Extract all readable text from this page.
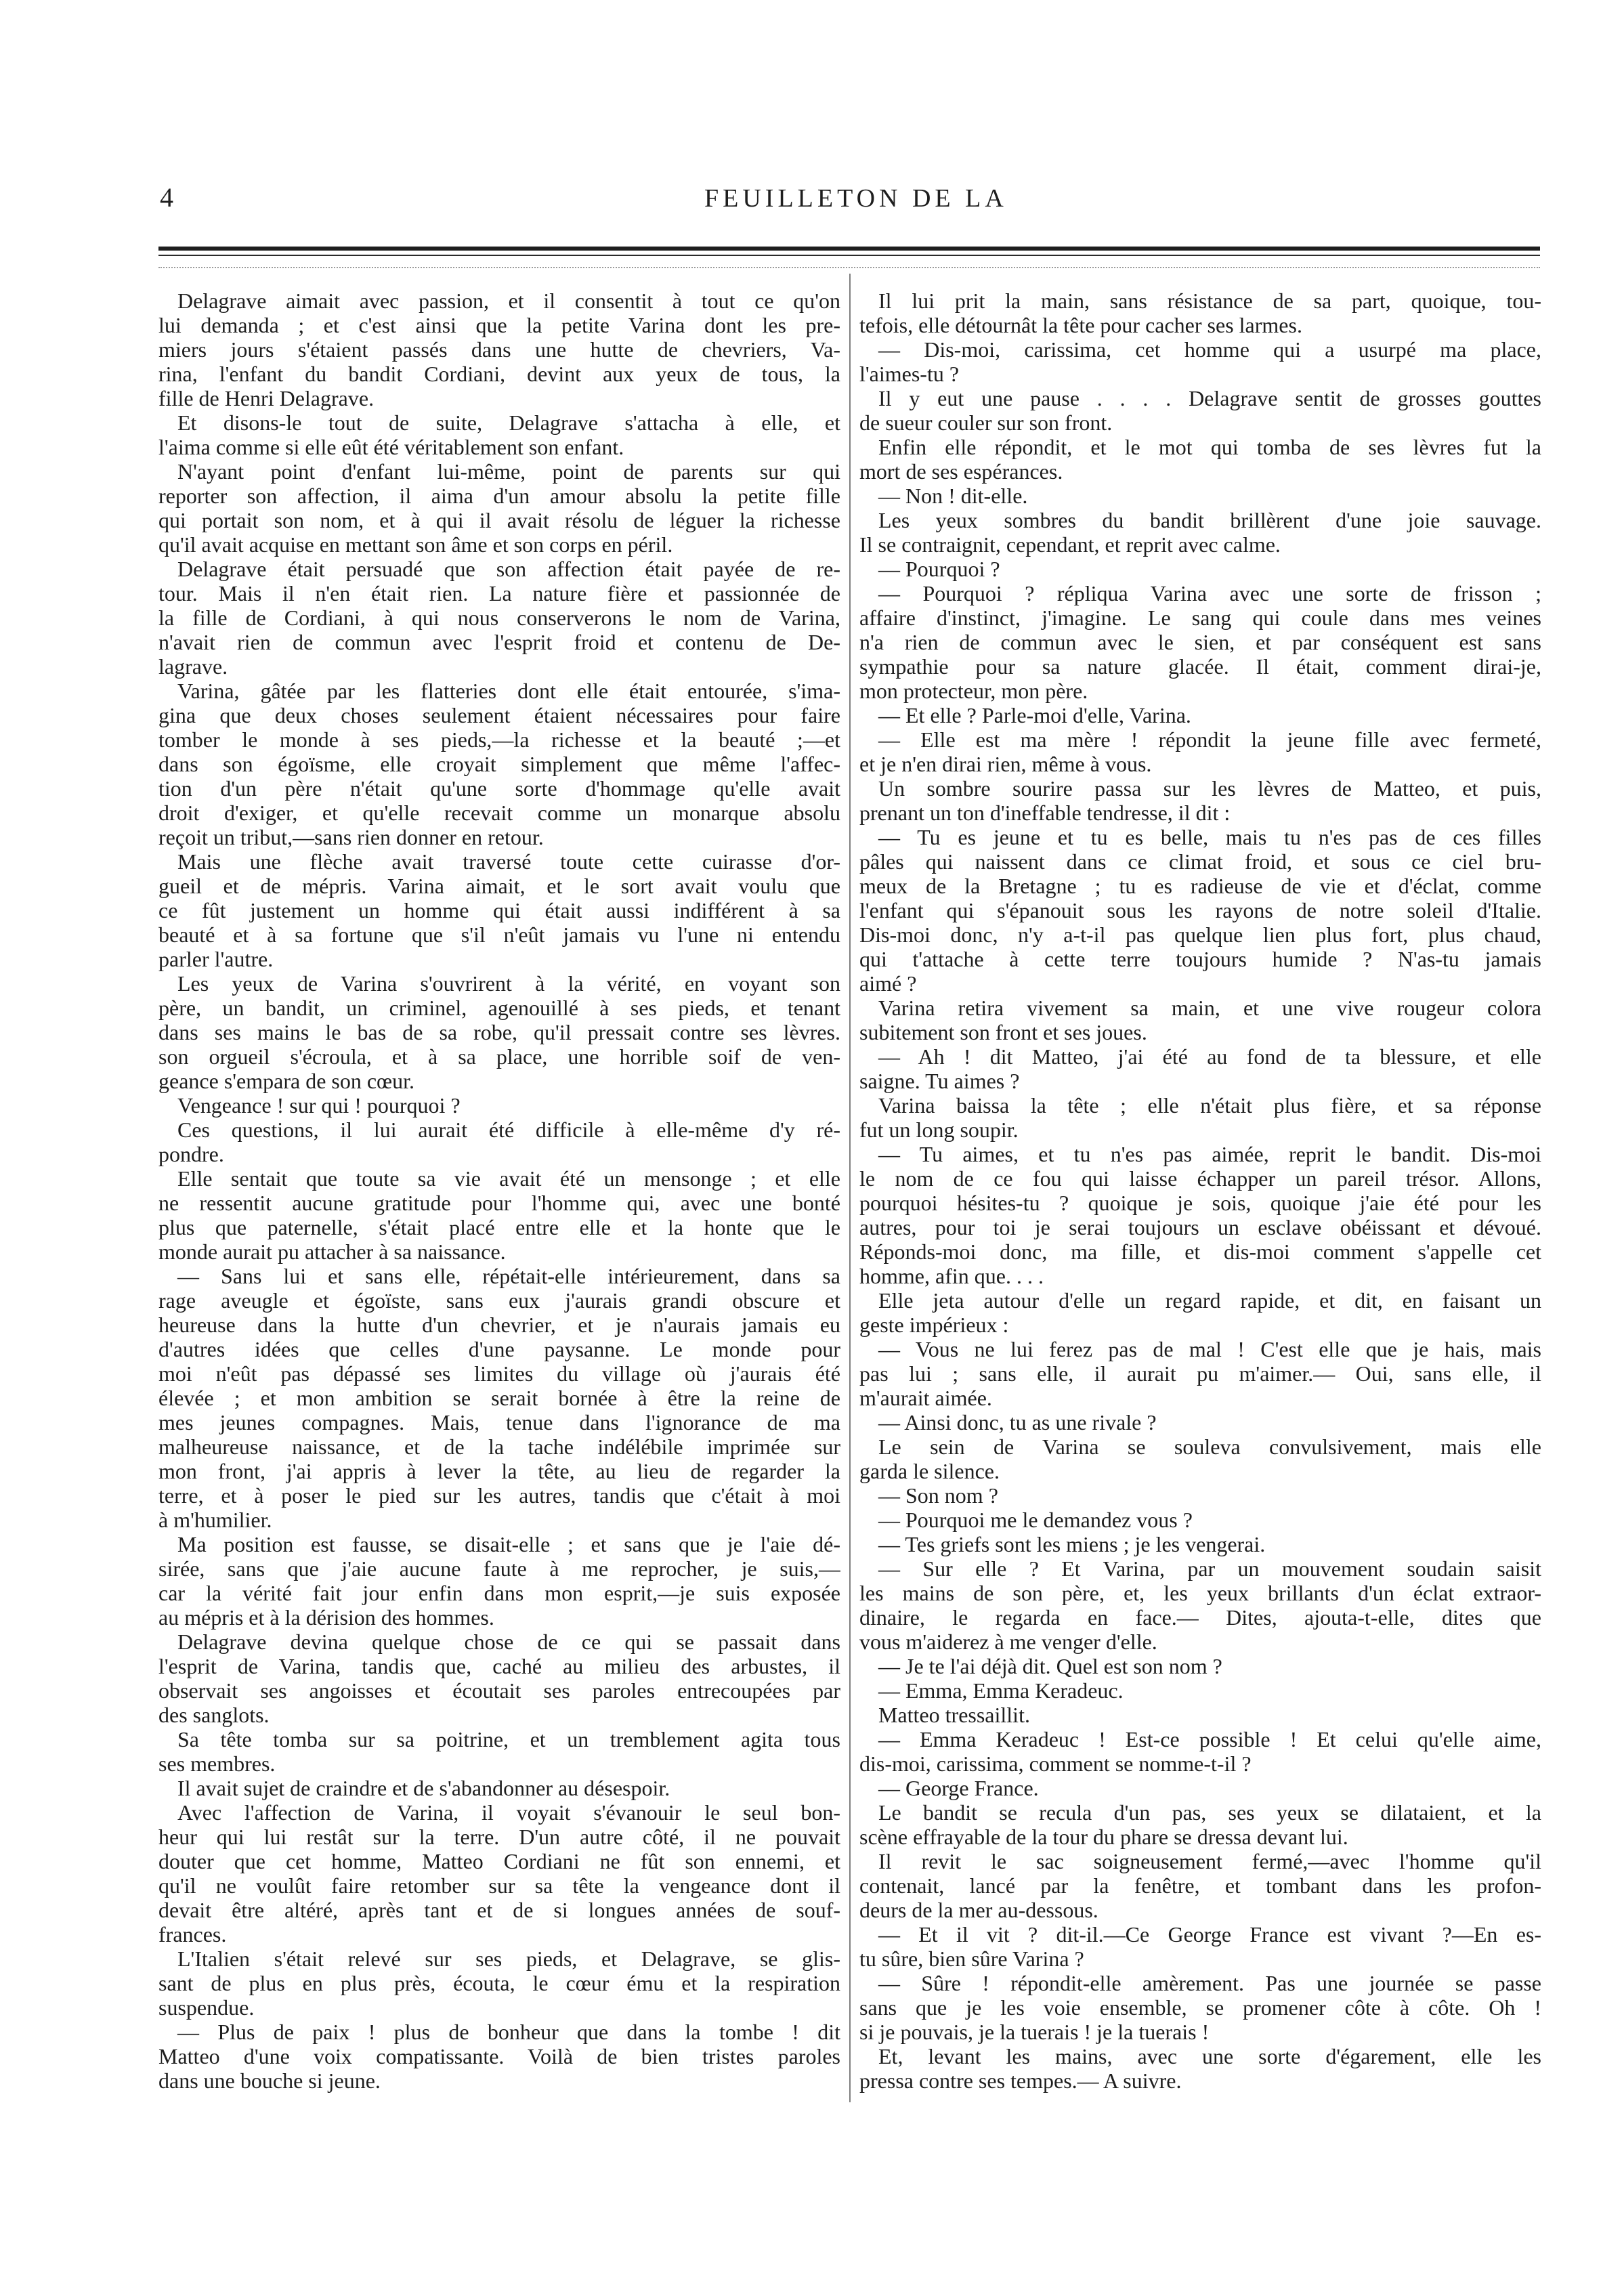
4	FEUILLETON DE LA
Delagrave aimait avec passion, et il consentit à tout ce qu'on
lui demanda ; et c'est ainsi que la petite Varina dont les pre-
miers jours s'étaient passés dans une hutte de chevriers, Va-
rina, l'enfant du bandit Cordiani, devint aux yeux de tous, la
fille de Henri Delagrave.
Et disons-le tout de suite, Delagrave s'attacha à elle, et
l'aima comme si elle eût été véritablement son enfant.
N'ayant point d'enfant lui-même, point de parents sur qui
reporter son affection, il aima d'un amour absolu la petite fille
qui portait son nom, et à qui il avait résolu de léguer la richesse
qu'il avait acquise en mettant son âme et son corps en péril.
Delagrave était persuadé que son affection était payée de re-
tour. Mais il n'en était rien. La nature fière et passionnée de
la fille de Cordiani, à qui nous conserverons le nom de Varina,
n'avait rien de commun avec l'esprit froid et contenu de De-
lagrave.
Varina, gâtée par les flatteries dont elle était entourée, s'ima-
gina que deux choses seulement étaient nécessaires pour faire
tomber le monde à ses pieds,—la richesse et la beauté ;—et
dans son égoïsme, elle croyait simplement que même l'affec-
tion d'un père n'était qu'une sorte d'hommage qu'elle avait
droit d'exiger, et qu'elle recevait comme un monarque absolu
reçoit un tribut,—sans rien donner en retour.
Mais une flèche avait traversé toute cette cuirasse d'or-
gueil et de mépris. Varina aimait, et le sort avait voulu que
ce fût justement un homme qui était aussi indifférent à sa
beauté et à sa fortune que s'il n'eût jamais vu l'une ni entendu
parler l'autre.
Les yeux de Varina s'ouvrirent à la vérité, en voyant son
père, un bandit, un criminel, agenouillé à ses pieds, et tenant
dans ses mains le bas de sa robe, qu'il pressait contre ses lèvres.
son orgueil s'écroula, et à sa place, une horrible soif de ven-
geance s'empara de son cœur.
Vengeance ! sur qui ! pourquoi ?
Ces questions, il lui aurait été difficile à elle-même d'y ré-
pondre.
Elle sentait que toute sa vie avait été un mensonge ; et elle
ne ressentit aucune gratitude pour l'homme qui, avec une bonté
plus que paternelle, s'était placé entre elle et la honte que le
monde aurait pu attacher à sa naissance.
— Sans lui et sans elle, répétait-elle intérieurement, dans sa
rage aveugle et égoïste, sans eux j'aurais grandi obscure et
heureuse dans la hutte d'un chevrier, et je n'aurais jamais eu
d'autres idées que celles d'une paysanne. Le monde pour
moi n'eût pas dépassé ses limites du village où j'aurais été
élevée ; et mon ambition se serait bornée à être la reine de
mes jeunes compagnes. Mais, tenue dans l'ignorance de ma
malheureuse naissance, et de la tache indélébile imprimée sur
mon front, j'ai appris à lever la tête, au lieu de regarder la
terre, et à poser le pied sur les autres, tandis que c'était à moi
à m'humilier.
Ma position est fausse, se disait-elle ; et sans que je l'aie dé-
sirée, sans que j'aie aucune faute à me reprocher, je suis,—
car la vérité fait jour enfin dans mon esprit,—je suis exposée
au mépris et à la dérision des hommes.
Delagrave devina quelque chose de ce qui se passait dans
l'esprit de Varina, tandis que, caché au milieu des arbustes, il
observait ses angoisses et écoutait ses paroles entrecoupées par
des sanglots.
Sa tête tomba sur sa poitrine, et un tremblement agita tous
ses membres.
Il avait sujet de craindre et de s'abandonner au désespoir.
Avec l'affection de Varina, il voyait s'évanouir le seul bon-
heur qui lui restât sur la terre. D'un autre côté, il ne pouvait
douter que cet homme, Matteo Cordiani ne fût son ennemi, et
qu'il ne voulût faire retomber sur sa tête la vengeance dont il
devait être altéré, après tant et de si longues années de souf-
frances.
L'Italien s'était relevé sur ses pieds, et Delagrave, se glis-
sant de plus en plus près, écouta, le cœur ému et la respiration
suspendue.
— Plus de paix ! plus de bonheur que dans la tombe ! dit
Matteo d'une voix compatissante. Voilà de bien tristes paroles
dans une bouche si jeune.
Il lui prit la main, sans résistance de sa part, quoique, tou-
tefois, elle détournât la tête pour cacher ses larmes.
— Dis-moi, carissima, cet homme qui a usurpé ma place,
l'aimes-tu ?
Il y eut une pause . . . . Delagrave sentit de grosses gouttes
de sueur couler sur son front.
Enfin elle répondit, et le mot qui tomba de ses lèvres fut la
mort de ses espérances.
— Non ! dit-elle.
Les yeux sombres du bandit brillèrent d'une joie sauvage.
Il se contraignit, cependant, et reprit avec calme.
— Pourquoi ?
— Pourquoi ? répliqua Varina avec une sorte de frisson ;
affaire d'instinct, j'imagine. Le sang qui coule dans mes veines
n'a rien de commun avec le sien, et par conséquent est sans
sympathie pour sa nature glacée. Il était, comment dirai-je,
mon protecteur, mon père.
— Et elle ? Parle-moi d'elle, Varina.
— Elle est ma mère ! répondit la jeune fille avec fermeté,
et je n'en dirai rien, même à vous.
Un sombre sourire passa sur les lèvres de Matteo, et puis,
prenant un ton d'ineffable tendresse, il dit :
— Tu es jeune et tu es belle, mais tu n'es pas de ces filles
pâles qui naissent dans ce climat froid, et sous ce ciel bru-
meux de la Bretagne ; tu es radieuse de vie et d'éclat, comme
l'enfant qui s'épanouit sous les rayons de notre soleil d'Italie.
Dis-moi donc, n'y a-t-il pas quelque lien plus fort, plus chaud,
qui t'attache à cette terre toujours humide ? N'as-tu jamais
aimé ?
Varina retira vivement sa main, et une vive rougeur colora
subitement son front et ses joues.
— Ah ! dit Matteo, j'ai été au fond de ta blessure, et elle
saigne. Tu aimes ?
Varina baissa la tête ; elle n'était plus fière, et sa réponse
fut un long soupir.
— Tu aimes, et tu n'es pas aimée, reprit le bandit. Dis-moi
le nom de ce fou qui laisse échapper un pareil trésor. Allons,
pourquoi hésites-tu ? quoique je sois, quoique j'aie été pour les
autres, pour toi je serai toujours un esclave obéissant et dévoué.
Réponds-moi donc, ma fille, et dis-moi comment s'appelle cet
homme, afin que. . . .
Elle jeta autour d'elle un regard rapide, et dit, en faisant un
geste impérieux :
— Vous ne lui ferez pas de mal ! C'est elle que je hais, mais
pas lui ; sans elle, il aurait pu m'aimer.— Oui, sans elle, il
m'aurait aimée.
— Ainsi donc, tu as une rivale ?
Le sein de Varina se souleva convulsivement, mais elle
garda le silence.
— Son nom ?
— Pourquoi me le demandez vous ?
— Tes griefs sont les miens ; je les vengerai.
— Sur elle ? Et Varina, par un mouvement soudain saisit
les mains de son père, et, les yeux brillants d'un éclat extraor-
dinaire, le regarda en face.— Dites, ajouta-t-elle, dites que
vous m'aiderez à me venger d'elle.
— Je te l'ai déjà dit. Quel est son nom ?
— Emma, Emma Keradeuc.
Matteo tressaillit.
— Emma Keradeuc ! Est-ce possible ! Et celui qu'elle aime,
dis-moi, carissima, comment se nomme-t-il ?
— George France.
Le bandit se recula d'un pas, ses yeux se dilataient, et la
scène effrayable de la tour du phare se dressa devant lui.
Il revit le sac soigneusement fermé,—avec l'homme qu'il
contenait, lancé par la fenêtre, et tombant dans les profon-
deurs de la mer au-dessous.
— Et il vit ? dit-il.—Ce George France est vivant ?—En es-
tu sûre, bien sûre Varina ?
— Sûre ! répondit-elle amèrement. Pas une journée se passe
sans que je les voie ensemble, se promener côte à côte. Oh !
si je pouvais, je la tuerais ! je la tuerais !
Et, levant les mains, avec une sorte d'égarement, elle les
pressa contre ses tempes.— A suivre.
